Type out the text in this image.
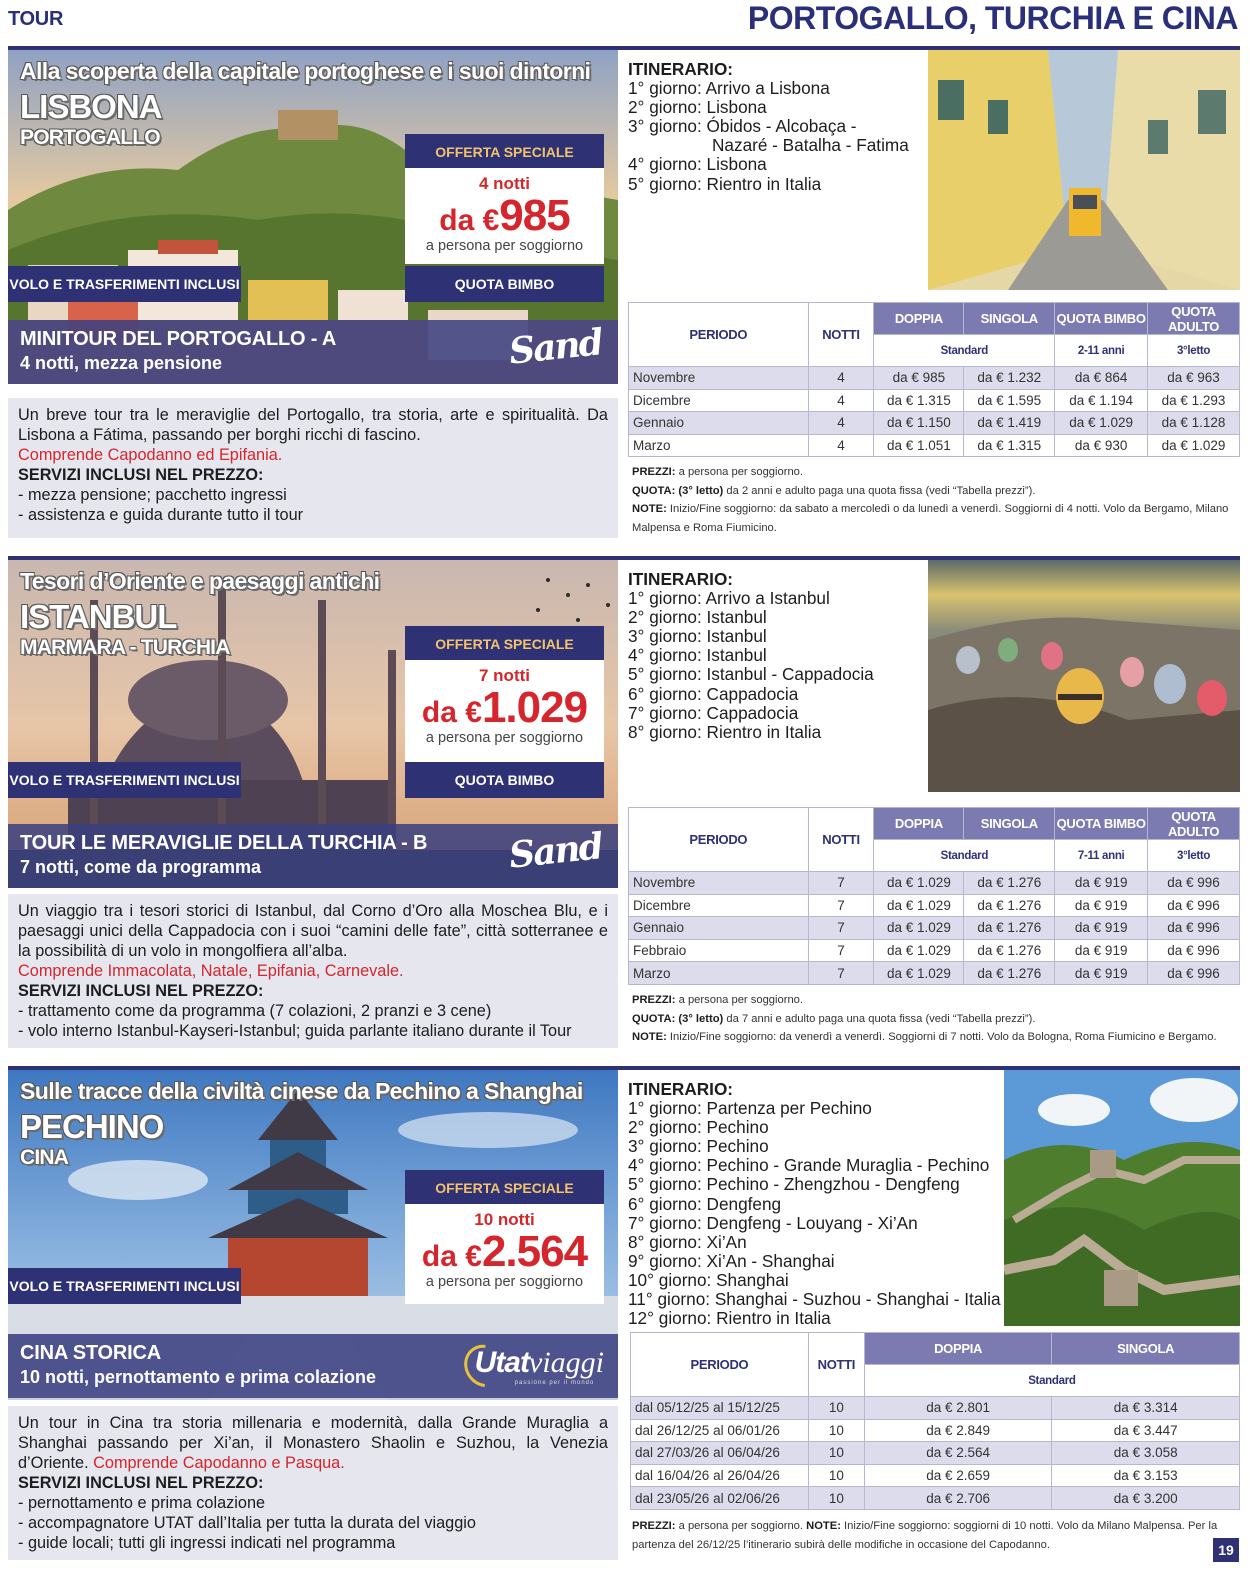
TOUR	PORTOGALLO, TURCHIA E CINA
Alla scoperta della capitale portoghese e i suoi dintorni
LISBONA
PORTOGALLO
OFFERTA SPECIALE
4 notti
da €985
a persona per soggiorno
VOLO E TRASFERIMENTI INCLUSI	QUOTA BIMBO
MINITOUR DEL PORTOGALLO - A
4 notti, mezza pensione	Sand
Un breve tour tra le meraviglie del Portogallo, tra storia, arte e spiritualità. Da Lisbona a Fátima, passando per borghi ricchi di fascino.
Comprende Capodanno ed Epifania.
SERVIZI INCLUSI NEL PREZZO:
- mezza pensione; pacchetto ingressi
- assistenza e guida durante tutto il tour
ITINERARIO:
1° giorno: Arrivo a Lisbona
2° giorno: Lisbona
3° giorno: Óbidos - Alcobaça -
Nazaré - Batalha - Fatima
4° giorno: Lisbona
5° giorno: Rientro in Italia
PERIODO	NOTTI	DOPPIA	SINGOLA	QUOTA BIMBO	QUOTA ADULTO
		Standard		2-11 anni	3°letto
Novembre	4	da € 985	da € 1.232	da € 864	da € 963
Dicembre	4	da € 1.315	da € 1.595	da € 1.194	da € 1.293
Gennaio	4	da € 1.150	da € 1.419	da € 1.029	da € 1.128
Marzo	4	da € 1.051	da € 1.315	da € 930	da € 1.029
PREZZI: a persona per soggiorno.
QUOTA: (3° letto) da 2 anni e adulto paga una quota fissa (vedi “Tabella prezzi”).
NOTE: Inizio/Fine soggiorno: da sabato a mercoledì o da lunedì a venerdì. Soggiorni di 4 notti. Volo da Bergamo, Milano Malpensa e Roma Fiumicino.
Tesori d’Oriente e paesaggi antichi
ISTANBUL
MARMARA - TURCHIA	OFFERTA SPECIALE
7 notti
da €1.029
a persona per soggiorno
VOLO E TRASFERIMENTI INCLUSI	QUOTA BIMBO
TOUR LE MERAVIGLIE DELLA TURCHIA - B
7 notti, come da programma	Sand
Un viaggio tra i tesori storici di Istanbul, dal Corno d’Oro alla Moschea Blu, e i paesaggi unici della Cappadocia con i suoi “camini delle fate”, città sotterranee e la possibilità di un volo in mongolfiera all’alba.
Comprende Immacolata, Natale, Epifania, Carnevale.
SERVIZI INCLUSI NEL PREZZO:
- trattamento come da programma (7 colazioni, 2 pranzi e 3 cene)
- volo interno Istanbul-Kayseri-Istanbul; guida parlante italiano durante il Tour
ITINERARIO:
1° giorno: Arrivo a Istanbul
2° giorno: Istanbul
3° giorno: Istanbul
4° giorno: Istanbul
5° giorno: Istanbul - Cappadocia
6° giorno: Cappadocia
7° giorno: Cappadocia
8° giorno: Rientro in Italia
PERIODO	NOTTI	DOPPIA	SINGOLA	QUOTA BIMBO	QUOTA ADULTO
		Standard		7-11 anni	3°letto
Novembre	7	da € 1.029	da € 1.276	da € 919	da € 996
Dicembre	7	da € 1.029	da € 1.276	da € 919	da € 996
Gennaio	7	da € 1.029	da € 1.276	da € 919	da € 996
Febbraio	7	da € 1.029	da € 1.276	da € 919	da € 996
Marzo	7	da € 1.029	da € 1.276	da € 919	da € 996
PREZZI: a persona per soggiorno.
QUOTA: (3° letto) da 7 anni e adulto paga una quota fissa (vedi “Tabella prezzi”).
NOTE: Inizio/Fine soggiorno: da venerdì a venerdì. Soggiorni di 7 notti. Volo da Bologna, Roma Fiumicino e Bergamo.
Sulle tracce della civiltà cinese da Pechino a Shanghai
PECHINO
CINA
OFFERTA SPECIALE
10 notti
da €2.564
a persona per soggiorno
VOLO E TRASFERIMENTI INCLUSI
CINA STORICA
10 notti, pernottamento e prima colazione	Utatviaggi
passione per il mondo
Un tour in Cina tra storia millenaria e modernità, dalla Grande Muraglia a Shanghai passando per Xi’an, il Monastero Shaolin e Suzhou, la Venezia d’Oriente. Comprende Capodanno e Pasqua.
SERVIZI INCLUSI NEL PREZZO:
- pernottamento e prima colazione
- accompagnatore UTAT dall’Italia per tutta la durata del viaggio
- guide locali; tutti gli ingressi indicati nel programma
ITINERARIO:
1° giorno: Partenza per Pechino
2° giorno: Pechino
3° giorno: Pechino
4° giorno: Pechino - Grande Muraglia - Pechino
5° giorno: Pechino - Zhengzhou - Dengfeng
6° giorno: Dengfeng
7° giorno: Dengfeng - Louyang - Xi’An
8° giorno: Xi’An
9° giorno: Xi’An - Shanghai
10° giorno: Shanghai
11° giorno: Shanghai - Suzhou - Shanghai - Italia
12° giorno: Rientro in Italia
PERIODO	NOTTI	DOPPIA	SINGOLA
		Standard	
dal 05/12/25 al 15/12/25	10	da € 2.801	da € 3.314
dal 26/12/25 al 06/01/26	10	da € 2.849	da € 3.447
dal 27/03/26 al 06/04/26	10	da € 2.564	da € 3.058
dal 16/04/26 al 26/04/26	10	da € 2.659	da € 3.153
dal 23/05/26 al 02/06/26	10	da € 2.706	da € 3.200
PREZZI: a persona per soggiorno. NOTE: Inizio/Fine soggiorno: soggiorni di 10 notti. Volo da Milano Malpensa. Per la partenza del 26/12/25 l’itinerario subirà delle modifiche in occasione del Capodanno.	19
